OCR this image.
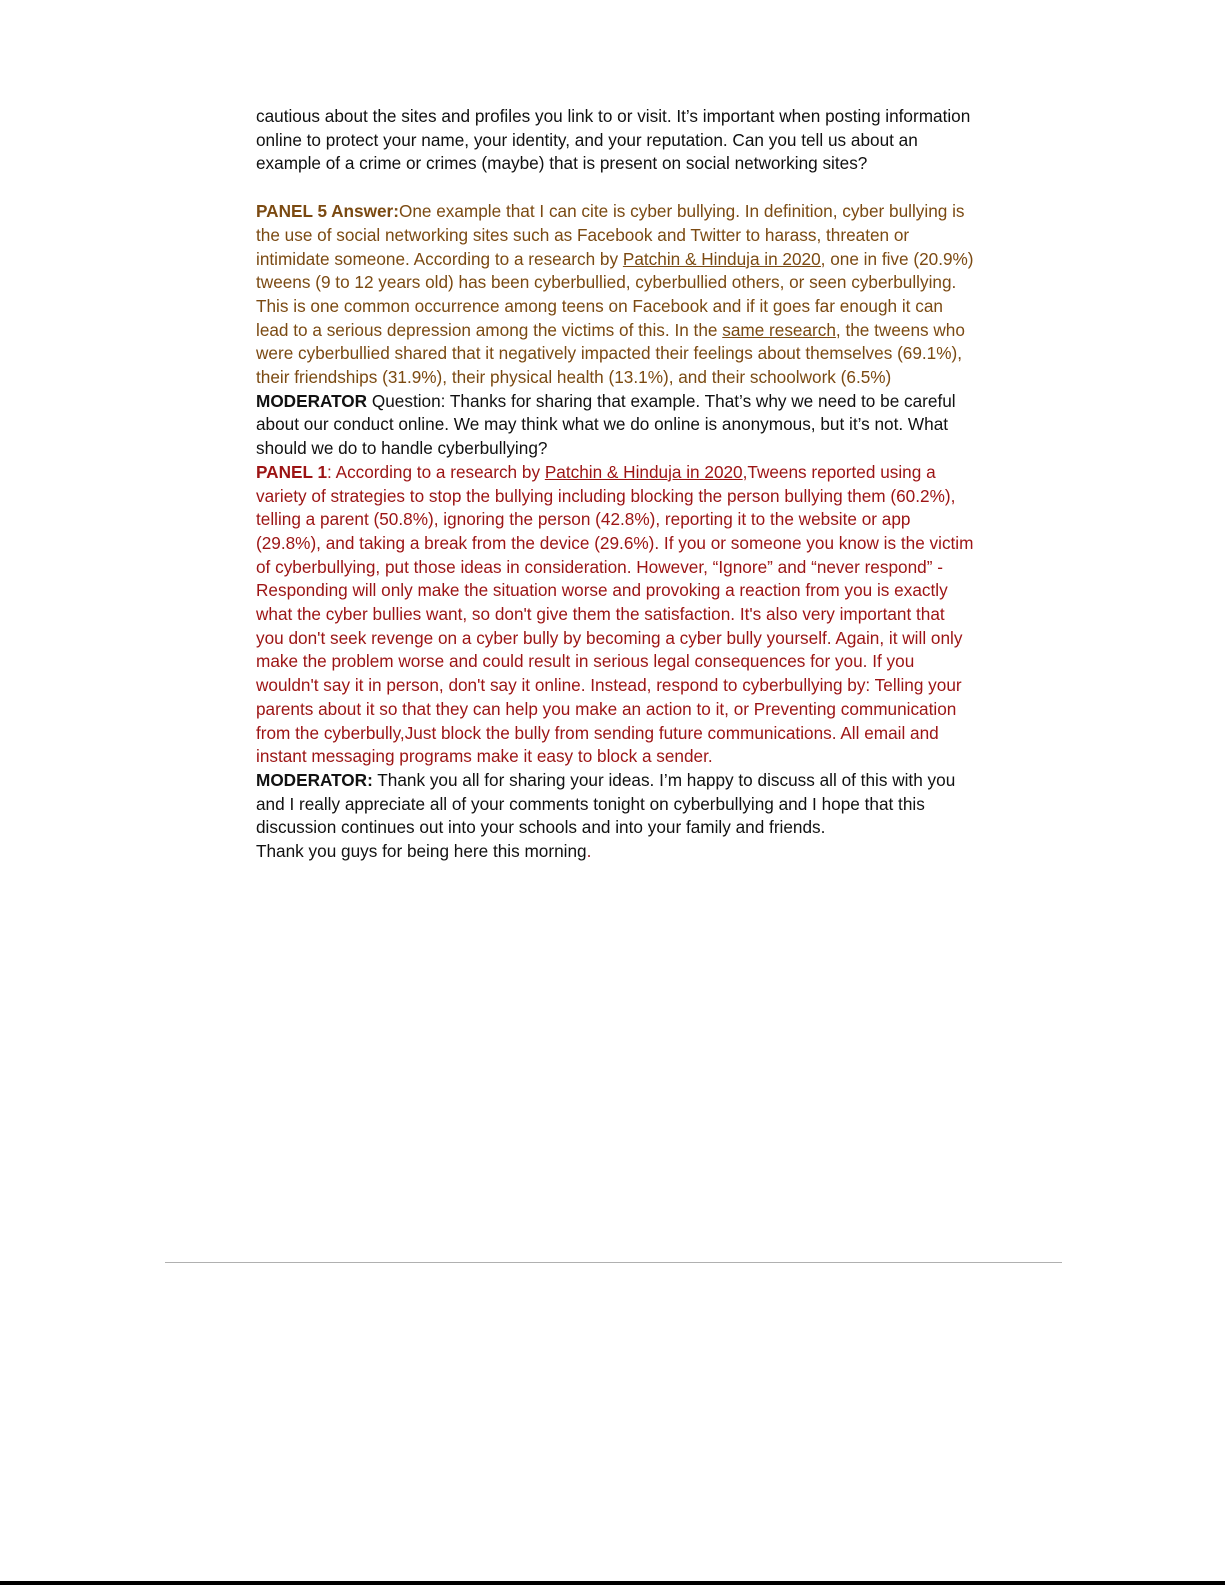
cautious about the sites and profiles you link to or visit. It’s important when posting information online to protect your name, your identity, and your reputation. Can you tell us about an example of a crime or crimes (maybe) that is present on social networking sites?

PANEL 5 Answer:One example that I can cite is cyber bullying. In definition, cyber bullying is the use of social networking sites such as Facebook and Twitter to harass, threaten or intimidate someone. According to a research by Patchin & Hinduja in 2020, one in five (20.9%) tweens (9 to 12 years old) has been cyberbullied, cyberbullied others, or seen cyberbullying. This is one common occurrence among teens on Facebook and if it goes far enough it can lead to a serious depression among the victims of this. In the same research, the tweens who were cyberbullied shared that it negatively impacted their feelings about themselves (69.1%), their friendships (31.9%), their physical health (13.1%), and their schoolwork (6.5%)

MODERATOR Question: Thanks for sharing that example. That’s why we need to be careful about our conduct online. We may think what we do online is anonymous, but it’s not. What should we do to handle cyberbullying?

PANEL 1: According to a research by Patchin & Hinduja in 2020,Tweens reported using a variety of strategies to stop the bullying including blocking the person bullying them (60.2%), telling a parent (50.8%), ignoring the person (42.8%), reporting it to the website or app (29.8%), and taking a break from the device (29.6%). If you or someone you know is the victim of cyberbullying, put those ideas in consideration. However, “Ignore” and “never respond” -Responding will only make the situation worse and provoking a reaction from you is exactly what the cyber bullies want, so don't give them the satisfaction. It's also very important that you don't seek revenge on a cyber bully by becoming a cyber bully yourself. Again, it will only make the problem worse and could result in serious legal consequences for you. If you wouldn't say it in person, don't say it online. Instead, respond to cyberbullying by: Telling your parents about it so that they can help you make an action to it, or Preventing communication from the cyberbully,Just block the bully from sending future communications. All email and instant messaging programs make it easy to block a sender.

MODERATOR: Thank you all for sharing your ideas. I’m happy to discuss all of this with you and I really appreciate all of your comments tonight on cyberbullying and I hope that this discussion continues out into your schools and into your family and friends.

Thank you guys for being here this morning.
